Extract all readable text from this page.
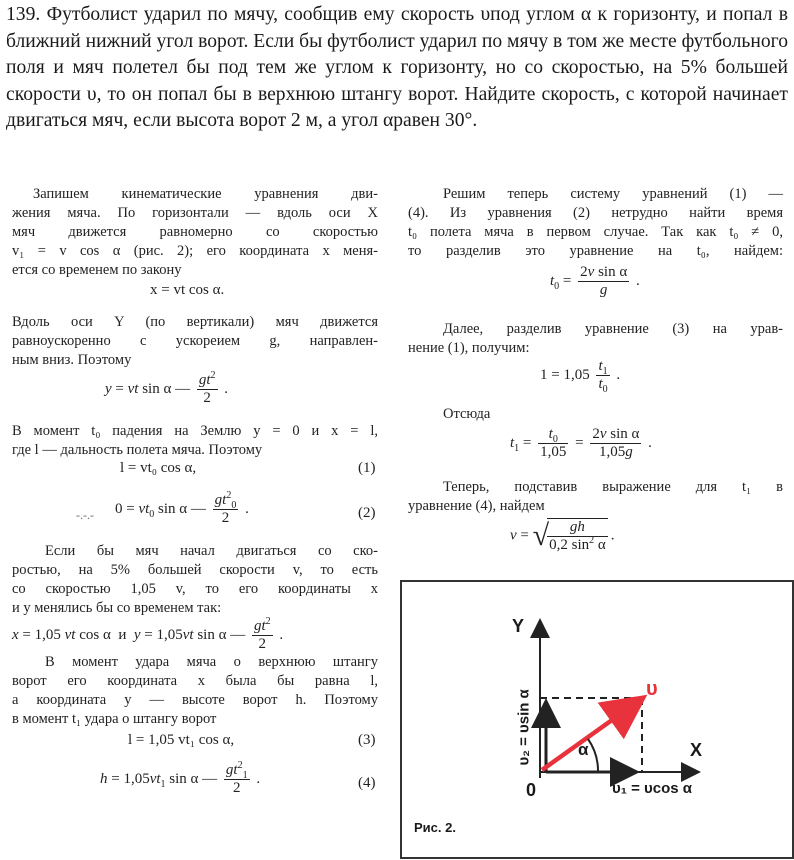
139. Футболист ударил по мячу, сообщив ему скорость υпод углом α к горизонту, и попал в ближний нижний угол ворот. Если бы футболист ударил по мячу в том же месте футбольного поля и мяч полетел бы под тем же углом к горизонту, но со скоростью, на 5% большей скорости υ, то он попал бы в верхнюю штангу ворот. Найдите скорость, с которой начинает двигаться мяч, если высота ворот 2 м, а угол αравен 30°.
Запишем кинематические уравнения дви-
жения мяча. По горизонтали — вдоль оси X
мяч движется равномерно со скоростью
v₁ = v cos α (рис. 2); его координата x меня-
ется со временем по закону
x = vt cos α.
Вдоль оси Y (по вертикали) мяч движется
равноускоренно с ускореием g, направлен-
ным вниз. Поэтому
y = vt sin α — $\frac{gt^2}{2}$ .
В момент t₀ падения на Землю y = 0 и x = l,
где l — дальность полета мяча. Поэтому
l = vt₀ cos α,	(1)
-.-.- $0 = vt_0$ sin α — $\frac{gt^2_0}{2}$ .	(2)
Если бы мяч начал двигаться со ско-
ростью, на 5% большей скорости v, то есть
со скоростью 1,05 v, то его координаты x
и y менялись бы со временем так:
x = 1,05 vt cos α  и  y = 1,05vt sin α — $\frac{gt^2}{2}$ .
В момент удара мяча о верхнюю штангу
ворот его координата x была бы равна l,
а координата y — высоте ворот h. Поэтому
в момент t₁ удара о штангу ворот
l = 1,05 vt₁ cos α,	(3)
$h = 1,05vt_1$ sin α — $\frac{gt^2_1}{2}$ .	(4)
Решим теперь систему уравнений (1) —
(4). Из уравнения (2) нетрудно найти время
t₀ полета мяча в первом случае. Так как t₀ ≠ 0,
то разделив это уравнение на t₀, найдем:
$t_0 = \frac{\text{2v sin α}}{g}$ .
Далее, разделив уравнение (3) на урав-
нение (1), получим:
$1 = 1,05 \frac{t_1}{t_0}$ .
Отсюда
$t_1 = \frac{t_0}{1,05} = \frac{\text{2v sin α}}{1,05g}$ .
Теперь, подставив выражение для t₁ в
уравнение (4), найдем
v = √
$\frac{gh}{0,2 \sin^2 \alpha}$ .
Y
X
0
υ
α
υ₁ = υcos α
υ₂ = υsin α
Рис. 2.
